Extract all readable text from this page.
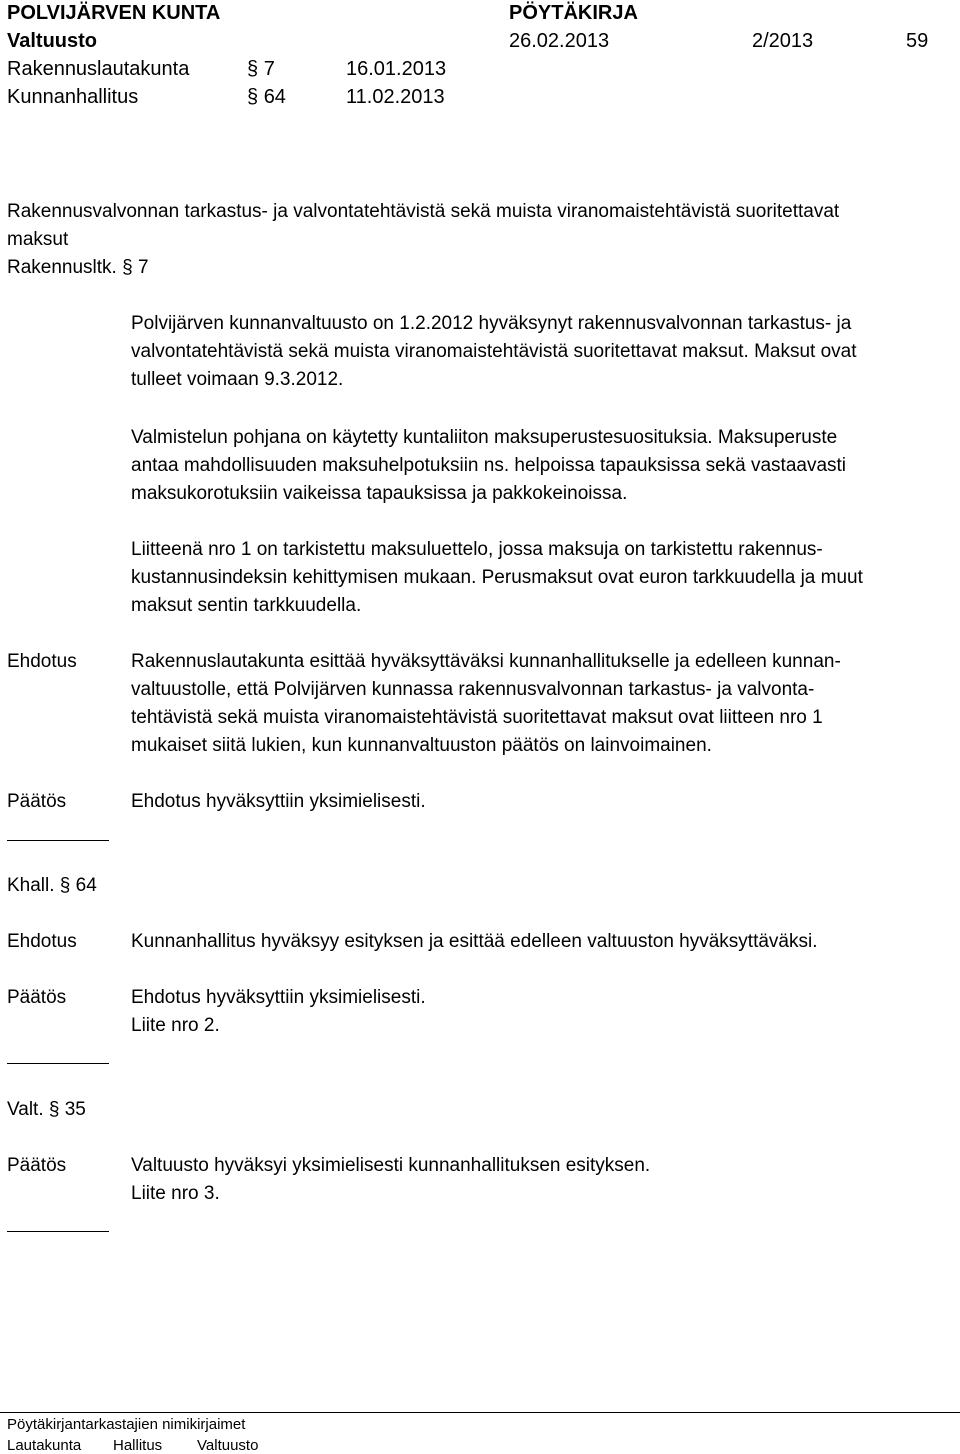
POLVIJÄRVEN KUNTA	PÖYTÄKIRJA
Valtuusto	26.02.2013	2/2013	59
Rakennuslautakunta	§ 7	16.01.2013
Kunnanhallitus	§ 64	11.02.2013
Rakennusvalvonnan tarkastus- ja valvontatehtävistä sekä muista viranomaistehtävistä suoritettavat
maksut
Rakennusltk. § 7
Polvijärven kunnanvaltuusto on 1.2.2012 hyväksynyt rakennusvalvonnan tarkastus- ja
valvontatehtävistä sekä muista viranomaistehtävistä suoritettavat maksut. Maksut ovat
tulleet voimaan 9.3.2012.
Valmistelun pohjana on käytetty kuntaliiton maksuperustesuosituksia. Maksuperuste
antaa mahdollisuuden maksuhelpotuksiin ns. helpoissa tapauksissa sekä vastaavasti
maksukorotuksiin vaikeissa tapauksissa ja pakkokeinoissa.
Liitteenä nro 1 on tarkistettu maksuluettelo, jossa maksuja on tarkistettu rakennus-
kustannusindeksin kehittymisen mukaan. Perusmaksut ovat euron tarkkuudella ja muut
maksut sentin tarkkuudella.
Ehdotus	Rakennuslautakunta esittää hyväksyttäväksi kunnanhallitukselle ja edelleen kunnan-
valtuustolle, että Polvijärven kunnassa rakennusvalvonnan tarkastus- ja valvonta-
tehtävistä sekä muista viranomaistehtävistä suoritettavat maksut ovat liitteen nro 1
mukaiset siitä lukien, kun kunnanvaltuuston päätös on lainvoimainen.
Päätös	Ehdotus hyväksyttiin yksimielisesti.
Khall. § 64
Ehdotus	Kunnanhallitus hyväksyy esityksen ja esittää edelleen valtuuston hyväksyttäväksi.
Päätös	Ehdotus hyväksyttiin yksimielisesti.
Liite nro 2.
Valt. § 35
Päätös	Valtuusto hyväksyi yksimielisesti kunnanhallituksen esityksen.
Liite nro 3.
Pöytäkirjantarkastajien nimikirjaimet
Lautakunta Hallitus Valtuusto
